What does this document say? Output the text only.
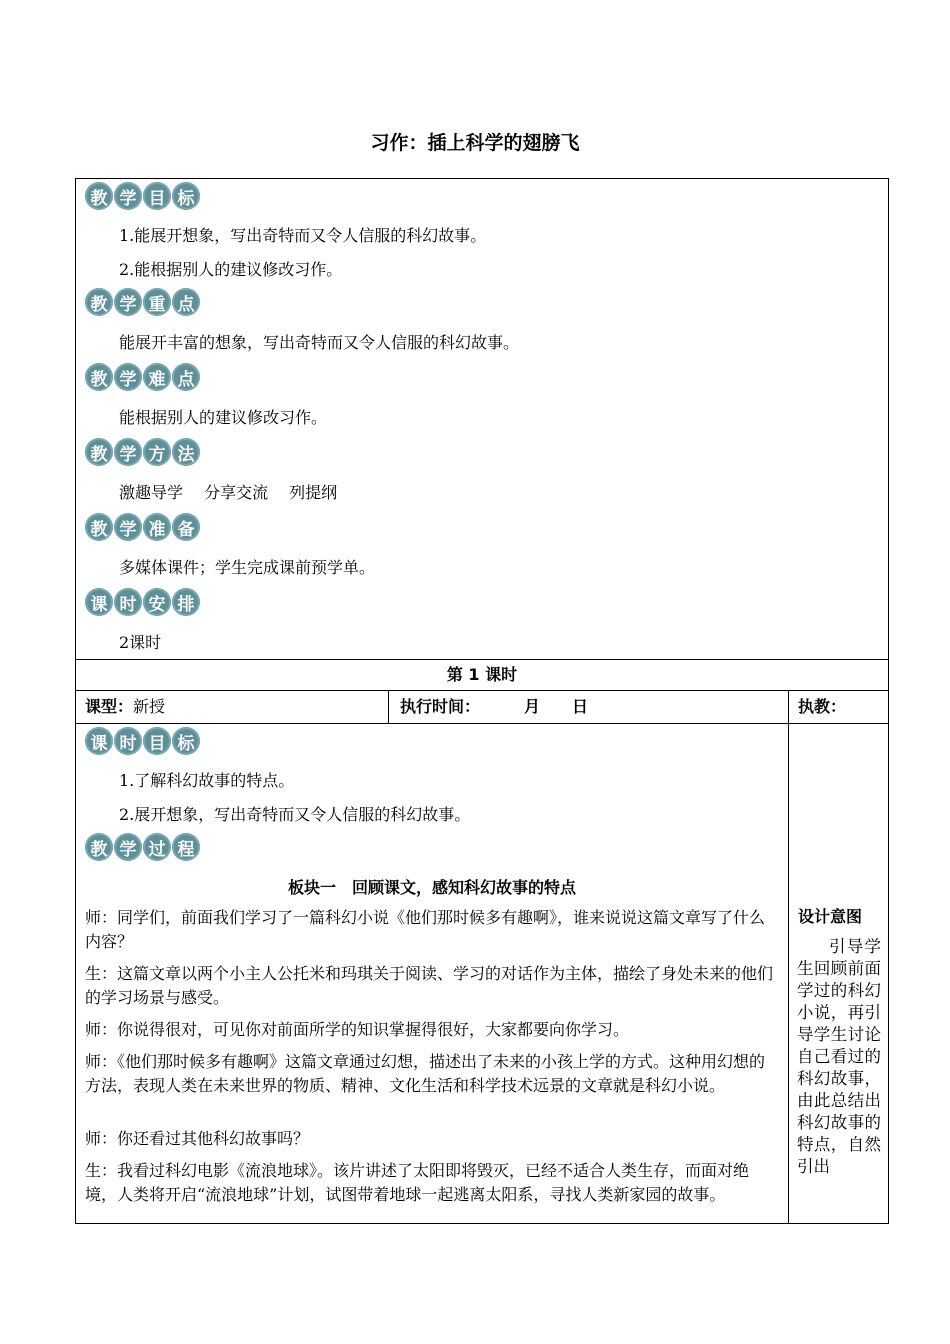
习作：插上科学的翅膀飞
教 学 目 标
1.能展开想象，写出奇特而又令人信服的科幻故事。
2.能根据别人的建议修改习作。
教 学 重 点
能展开丰富的想象，写出奇特而又令人信服的科幻故事。
教 学 难 点
能根据别人的建议修改习作。
教 学 方 法
激趣导学　 分享交流　 列提纲
教 学 准 备
多媒体课件；学生完成课前预学单。
课 时 安 排
2课时
第 1 课时
课型：新授	执行时间：	月　　日	执教：
课 时 目 标
1.了解科幻故事的特点。
2.展开想象，写出奇特而又令人信服的科幻故事。
教 学 过 程
板块一　回顾课文，感知科幻故事的特点
师：同学们，前面我们学习了一篇科幻小说《他们那时候多有趣啊》，谁来说说这篇文章写了什么内容？
生：这篇文章以两个小主人公托米和玛琪关于阅读、学习的对话作为主体，描绘了身处未来的他们的学习场景与感受。
师：你说得很对，可见你对前面所学的知识掌握得很好，大家都要向你学习。
师：《他们那时候多有趣啊》这篇文章通过幻想，描述出了未来的小孩上学的方式。这种用幻想的方法，表现人类在未来世界的物质、精神、文化生活和科学技术远景的文章就是科幻小说。
师：你还看过其他科幻故事吗？
生：我看过科幻电影《流浪地球》。该片讲述了太阳即将毁灭，已经不适合人类生存，而面对绝境，人类将开启“流浪地球”计划，试图带着地球一起逃离太阳系，寻找人类新家园的故事。
设计意图
引导学生回顾前面学过的科幻小说，再引导学生讨论自己看过的科幻故事，由此总结出科幻故事的特点，自然引出
